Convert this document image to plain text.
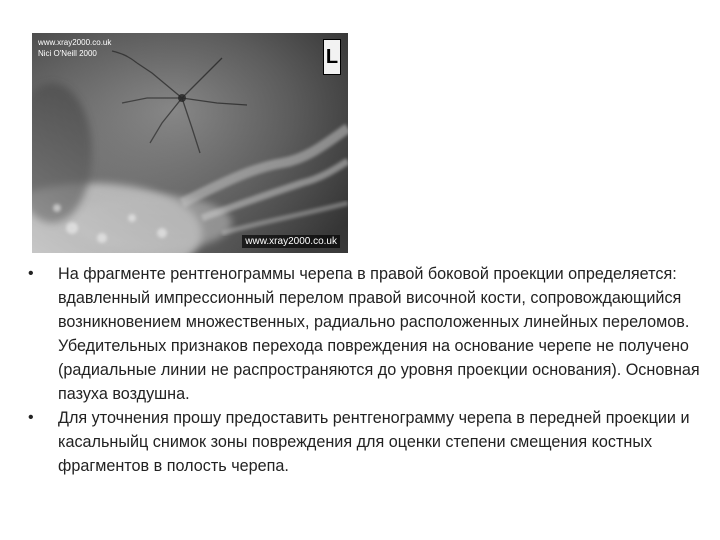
www.xray2000.co.uk
Nici O'Neill 2000	L
www.xray2000.co.uk
• На фрагменте рентгенограммы черепа в правой боковой проекции определяется: вдавленный импрессионный перелом правой височной кости, сопровождающийся возникновением множественных, радиально расположенных линейных переломов. Убедительных признаков перехода повреждения на основание черепе не получено (радиальные линии не распространяются до уровня проекции основания). Основная пазуха воздушна.
• Для уточнения прошу предоставить рентгенограмму черепа в передней проекции и касальныйц снимок зоны повреждения для оценки степени смещения костных фрагментов в полость черепа.
